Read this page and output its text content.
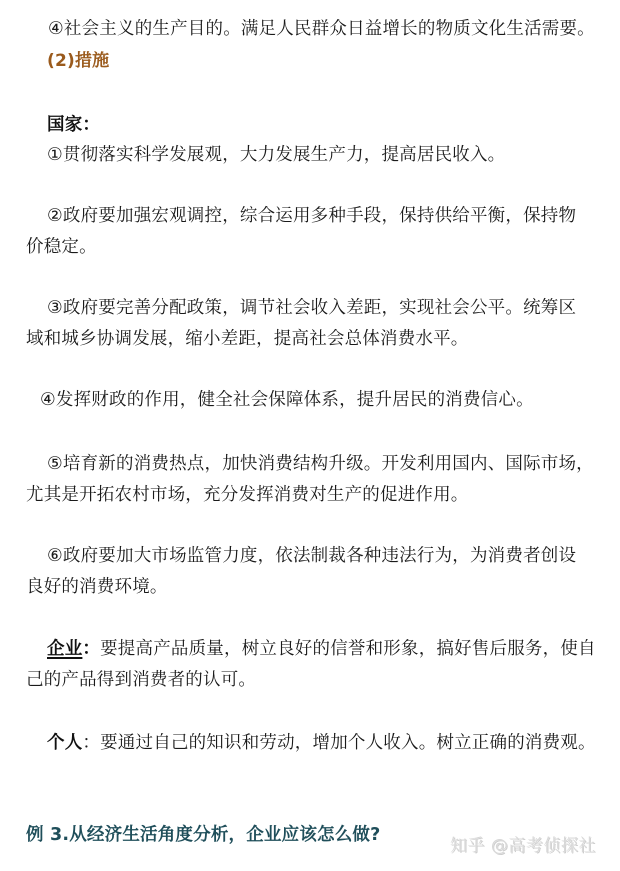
④社会主义的生产目的。满足人民群众日益增长的物质文化生活需要。
(2)措施
国家：
①贯彻落实科学发展观，大力发展生产力，提高居民收入。
②政府要加强宏观调控，综合运用多种手段，保持供给平衡，保持物
价稳定。
③政府要完善分配政策，调节社会收入差距，实现社会公平。统筹区
域和城乡协调发展，缩小差距，提高社会总体消费水平。
④发挥财政的作用，健全社会保障体系，提升居民的消费信心。
⑤培育新的消费热点，加快消费结构升级。开发利用国内、国际市场，
尤其是开拓农村市场，充分发挥消费对生产的促进作用。
⑥政府要加大市场监管力度，依法制裁各种违法行为，为消费者创设
良好的消费环境。
企业：要提高产品质量，树立良好的信誉和形象，搞好售后服务，使自
己的产品得到消费者的认可。
个人：要通过自己的知识和劳动，增加个人收入。树立正确的消费观。
例 3.从经济生活角度分析，企业应该怎么做?
知乎 @高考侦探社
